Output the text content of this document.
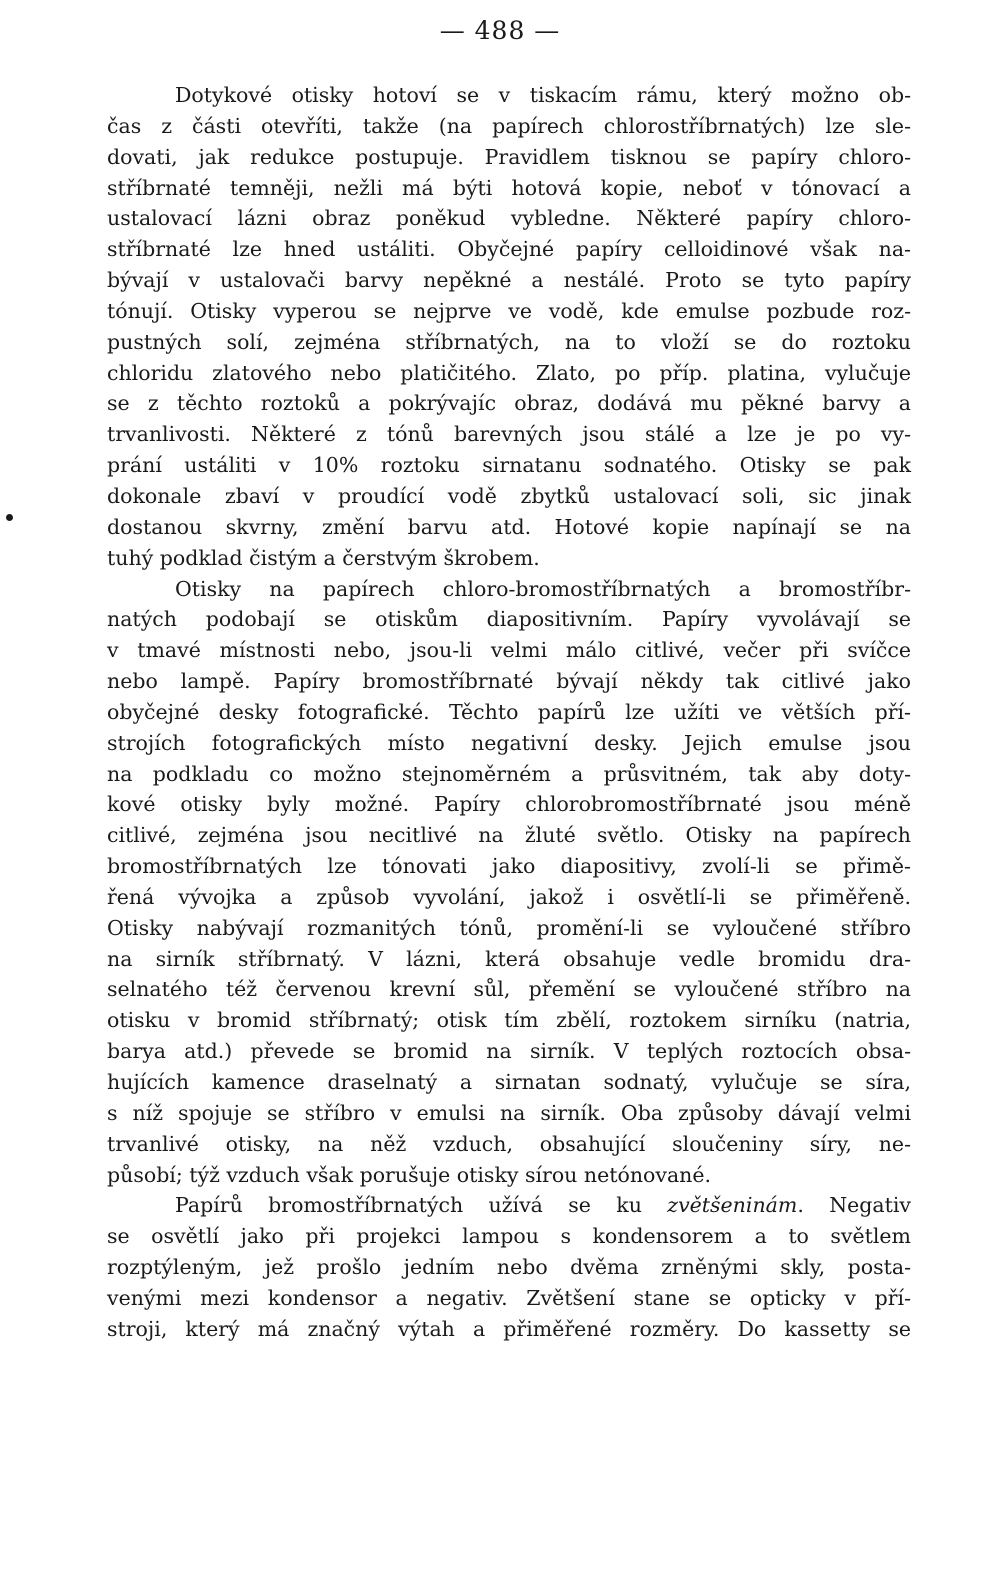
— 488 —
Dotykové otisky hotoví se v tiskacím rámu, který možno ob-
čas z části otevříti, takže (na papírech chlorostříbrnatých) lze sle-
dovati, jak redukce postupuje. Pravidlem tisknou se papíry chloro-
stříbrnaté temněji, nežli má býti hotová kopie, neboť v tónovací a
ustalovací lázni obraz poněkud vybledne. Některé papíry chloro-
stříbrnaté lze hned ustáliti. Obyčejné papíry celloidinové však na-
bývají v ustalovači barvy nepěkné a nestálé. Proto se tyto papíry
tónují. Otisky vyperou se nejprve ve vodě, kde emulse pozbude roz-
pustných solí, zejména stříbrnatých, na to vloží se do roztoku
chloridu zlatového nebo platičitého. Zlato, po příp. platina, vylučuje
se z těchto roztoků a pokrývajíc obraz, dodává mu pěkné barvy a
trvanlivosti. Některé z tónů barevných jsou stálé a lze je po vy-
prání ustáliti v 10% roztoku sirnatanu sodnatého. Otisky se pak
dokonale zbaví v proudící vodě zbytků ustalovací soli, sic jinak
dostanou skvrny, změní barvu atd. Hotové kopie napínají se na
tuhý podklad čistým a čerstvým škrobem.
Otisky na papírech chloro-bromostříbrnatých a bromostříbr-
natých podobají se otiskům diapositivním. Papíry vyvolávají se
v tmavé místnosti nebo, jsou-li velmi málo citlivé, večer při svíčce
nebo lampě. Papíry bromostříbrnaté bývají někdy tak citlivé jako
obyčejné desky fotografické. Těchto papírů lze užíti ve větších pří-
strojích fotografických místo negativní desky. Jejich emulse jsou
na podkladu co možno stejnoměrném a průsvitném, tak aby doty-
kové otisky byly možné. Papíry chlorobromostříbrnaté jsou méně
citlivé, zejména jsou necitlivé na žluté světlo. Otisky na papírech
bromostříbrnatých lze tónovati jako diapositivy, zvolí-li se přimě-
řená vývojka a způsob vyvolání, jakož i osvětlí-li se přiměřeně.
Otisky nabývají rozmanitých tónů, promění-li se vyloučené stříbro
na sirník stříbrnatý. V lázni, která obsahuje vedle bromidu dra-
selnatého též červenou krevní sůl, přemění se vyloučené stříbro na
otisku v bromid stříbrnatý; otisk tím zbělí, roztokem sirníku (natria,
barya atd.) převede se bromid na sirník. V teplých roztocích obsa-
hujících kamence draselnatý a sirnatan sodnatý, vylučuje se síra,
s níž spojuje se stříbro v emulsi na sirník. Oba způsoby dávají velmi
trvanlivé otisky, na něž vzduch, obsahující sloučeniny síry, ne-
působí; týž vzduch však porušuje otisky sírou netónované.
Papírů bromostříbrnatých užívá se ku zvětšeninám. Negativ
se osvětlí jako při projekci lampou s kondensorem a to světlem
rozptýleným, jež prošlo jedním nebo dvěma zrněnými skly, posta-
venými mezi kondensor a negativ. Zvětšení stane se opticky v pří-
stroji, který má značný výtah a přiměřené rozměry. Do kassetty se
